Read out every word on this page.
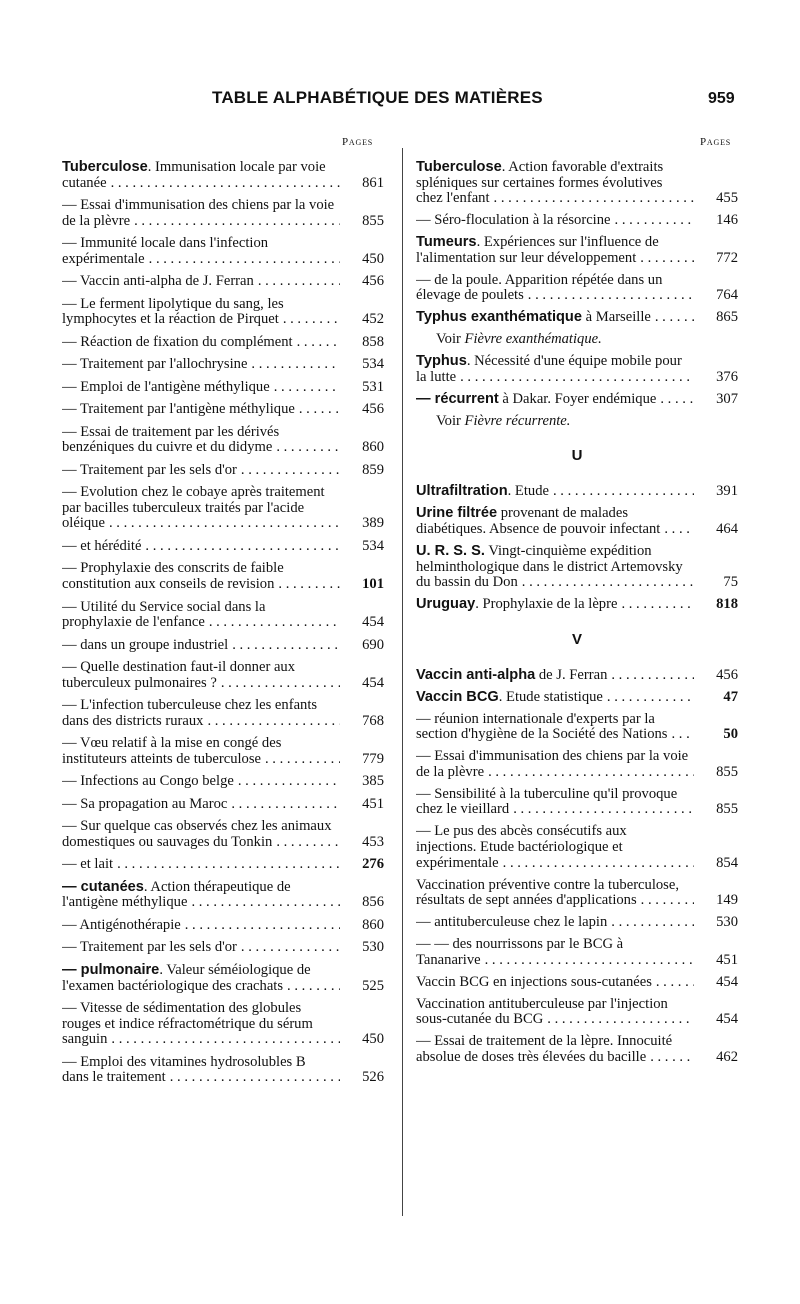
TABLE ALPHABÉTIQUE DES MATIÈRES	959
Pages	Pages
Tuberculose. Immunisation locale par voie cutanée . . .	861
— Essai d'immunisation des chiens par la voie de la plèvre . . .	855
— Immunité locale dans l'infection expérimentale . . .	450
— Vaccin anti-alpha de J. Ferran . . .	456
— Le ferment lipolytique du sang, les lymphocytes et la réaction de Pirquet . . .	452
— Réaction de fixation du complément . . .	858
— Traitement par l'allochrysine . . .	534
— Emploi de l'antigène méthylique . . .	531
— Traitement par l'antigène méthylique . . .	456
— Essai de traitement par les dérivés benzéniques du cuivre et du didyme . . .	860
— Traitement par les sels d'or . . .	859
— Evolution chez le cobaye après traitement par bacilles tuberculeux traités par l'acide oléique . . .	389
— et hérédité . . .	534
— Prophylaxie des conscrits de faible constitution aux conseils de revision . . .	101
— Utilité du Service social dans la prophylaxie de l'enfance . . .	454
— dans un groupe industriel . . .	690
— Quelle destination faut-il donner aux tuberculeux pulmonaires ? . . .	454
— L'infection tuberculeuse chez les enfants dans des districts ruraux . . .	768
— Vœu relatif à la mise en congé des instituteurs atteints de tuberculose . . .	779
— Infections au Congo belge . . .	385
— Sa propagation au Maroc . . .	451
— Sur quelque cas observés chez les animaux domestiques ou sauvages du Tonkin . . .	453
— et lait . . .	276
— cutanées. Action thérapeutique de l'antigène méthylique . . .	856
— Antigénothérapie . . .	860
— Traitement par les sels d'or . . .	530
— pulmonaire. Valeur séméiologique de l'examen bactériologique des crachats . . .	525
— Vitesse de sédimentation des globules rouges et indice réfractométrique du sérum sanguin . . .	450
— Emploi des vitamines hydrosolubles B dans le traitement . . .	526
Tuberculose. Action favorable d'extraits spléniques sur certaines formes évolutives chez l'enfant . . .	455
— Séro-floculation à la résorcine . . .	146
Tumeurs. Expériences sur l'influence de l'alimentation sur leur développement . . .	772
— de la poule. Apparition répétée dans un élevage de poulets . . .	764
Typhus exanthématique à Marseille . . .	865
Voir Fièvre exanthématique.
Typhus. Nécessité d'une équipe mobile pour la lutte . . .	376
— récurrent à Dakar. Foyer endémique . . .	307
Voir Fièvre récurrente.
U
Ultrafiltration. Etude . . .	391
Urine filtrée provenant de malades diabétiques. Absence de pouvoir infectant . . .	464
U. R. S. S. Vingt-cinquième expédition helminthologique dans le district Artemovsky du bassin du Don . . .	75
Uruguay. Prophylaxie de la lèpre . . .	818
V
Vaccin anti-alpha de J. Ferran . . .	456
Vaccin BCG. Etude statistique . . .	47
— réunion internationale d'experts par la section d'hygiène de la Société des Nations . . .	50
— Essai d'immunisation des chiens par la voie de la plèvre . . .	855
— Sensibilité à la tuberculine qu'il provoque chez le vieillard . . .	855
— Le pus des abcès consécutifs aux injections. Etude bactériologique et expérimentale . . .	854
Vaccination préventive contre la tuberculose, résultats de sept années d'applications . . .	149
— antituberculeuse chez le lapin . . .	530
— — des nourrissons par le BCG à Tananarive . . .	451
Vaccin BCG en injections sous-cutanées . . .	454
Vaccination antituberculeuse par l'injection sous-cutanée du BCG . . .	454
— Essai de traitement de la lèpre. Innocuité absolue de doses très élevées du bacille . . .	462
